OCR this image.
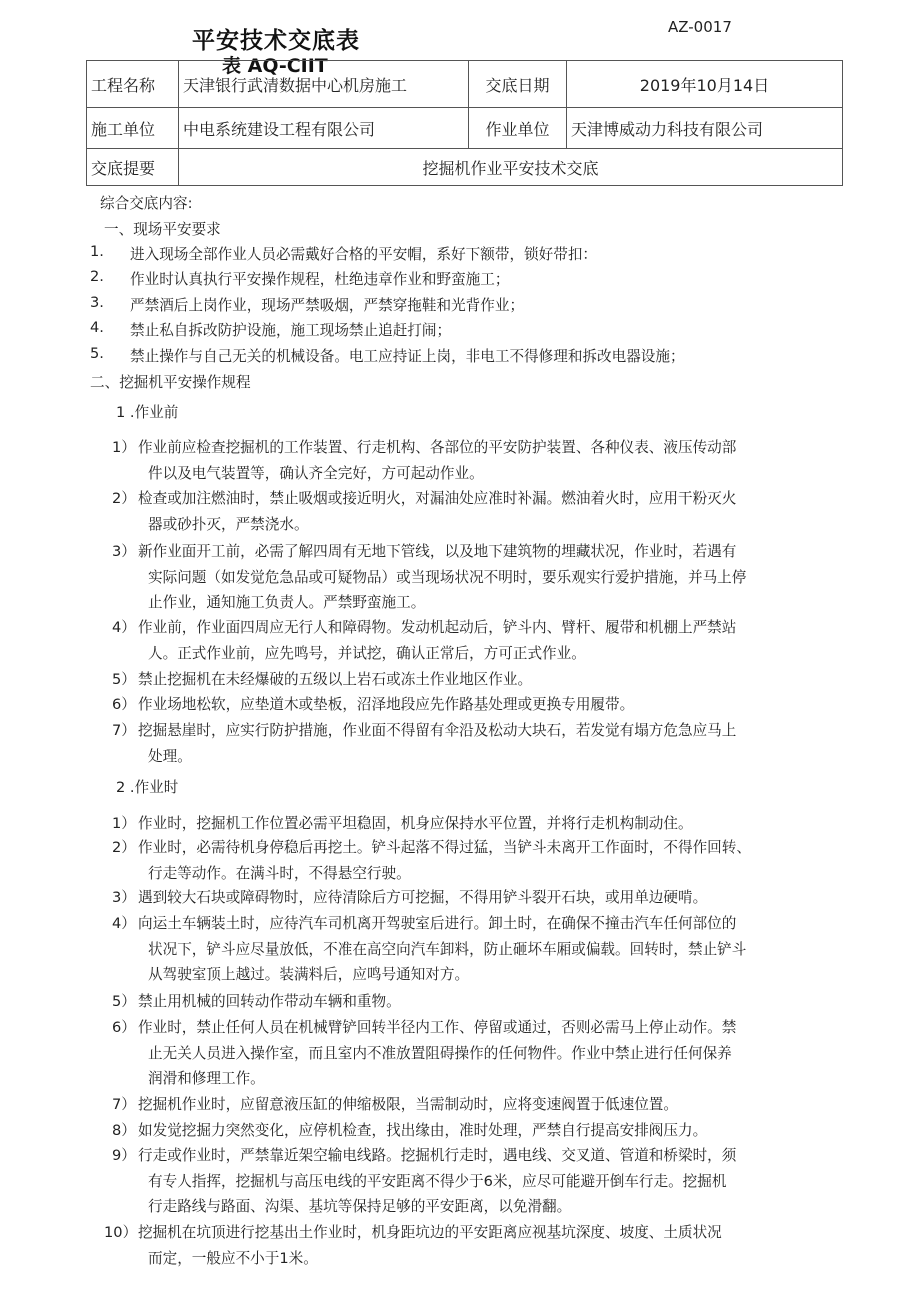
平安技术交底表
表 AQ-CIIT
AZ-0017
工程名称	天津银行武清数据中心机房施工	交底日期	2019年10月14日
施工单位	中电系统建设工程有限公司	作业单位	天津博威动力科技有限公司
交底提要	挖掘机作业平安技术交底		
综合交底内容:
一、现场平安要求
1. 进入现场全部作业人员必需戴好合格的平安帽，系好下额带，锁好带扣：
2. 作业时认真执行平安操作规程，杜绝违章作业和野蛮施工；
3. 严禁酒后上岗作业，现场严禁吸烟，严禁穿拖鞋和光背作业；
4. 禁止私自拆改防护设施，施工现场禁止追赶打闹；
5. 禁止操作与自己无关的机械设备。电工应持证上岗，非电工不得修理和拆改电器设施；
二、挖掘机平安操作规程
1 .作业前
1） 作业前应检查挖掘机的工作装置、行走机构、各部位的平安防护装置、各种仪表、液压传动部
件以及电气装置等，确认齐全完好，方可起动作业。
2） 检查或加注燃油时，禁止吸烟或接近明火，对漏油处应准时补漏。燃油着火时，应用干粉灭火
器或砂扑灭，严禁浇水。
3） 新作业面开工前，必需了解四周有无地下管线，以及地下建筑物的埋藏状况，作业时，若遇有
实际问题（如发觉危急品或可疑物品）或当现场状况不明时，要乐观实行爱护措施，并马上停
止作业，通知施工负责人。严禁野蛮施工。
4） 作业前，作业面四周应无行人和障碍物。发动机起动后，铲斗内、臂杆、履带和机棚上严禁站
人。正式作业前，应先鸣号，并试挖，确认正常后，方可正式作业。
5） 禁止挖掘机在未经爆破的五级以上岩石或冻土作业地区作业。
6） 作业场地松软，应垫道木或垫板，沼泽地段应先作路基处理或更换专用履带。
7） 挖掘悬崖时，应实行防护措施，作业面不得留有伞沿及松动大块石，若发觉有塌方危急应马上
处理。
2 .作业时
1） 作业时，挖掘机工作位置必需平坦稳固，机身应保持水平位置，并将行走机构制动住。
2） 作业时，必需待机身停稳后再挖土。铲斗起落不得过猛，当铲斗未离开工作面时，不得作回转、
行走等动作。在满斗时，不得悬空行驶。
3） 遇到较大石块或障碍物时，应待清除后方可挖掘，不得用铲斗裂开石块，或用单边硬啃。
4） 向运土车辆装土时，应待汽车司机离开驾驶室后进行。卸土时，在确保不撞击汽车任何部位的
状况下，铲斗应尽量放低，不准在高空向汽车卸料，防止砸坏车厢或偏载。回转时，禁止铲斗
从驾驶室顶上越过。装满料后，应鸣号通知对方。
5） 禁止用机械的回转动作带动车辆和重物。
6） 作业时，禁止任何人员在机械臂铲回转半径内工作、停留或通过，否则必需马上停止动作。禁
止无关人员进入操作室，而且室内不准放置阻碍操作的任何物件。作业中禁止进行任何保养
润滑和修理工作。
7） 挖掘机作业时，应留意液压缸的伸缩极限，当需制动时，应将变速阀置于低速位置。
8） 如发觉挖掘力突然变化，应停机检查，找出缘由，准时处理，严禁自行提高安排阀压力。
9） 行走或作业时，严禁靠近架空输电线路。挖掘机行走时，遇电线、交叉道、管道和桥梁时，须
有专人指挥，挖掘机与高压电线的平安距离不得少于6米，应尽可能避开倒车行走。挖掘机
行走路线与路面、沟渠、基坑等保持足够的平安距离，以免滑翻。
10） 挖掘机在坑顶进行挖基出土作业时，机身距坑边的平安距离应视基坑深度、坡度、土质状况
而定，一般应不小于1米。
